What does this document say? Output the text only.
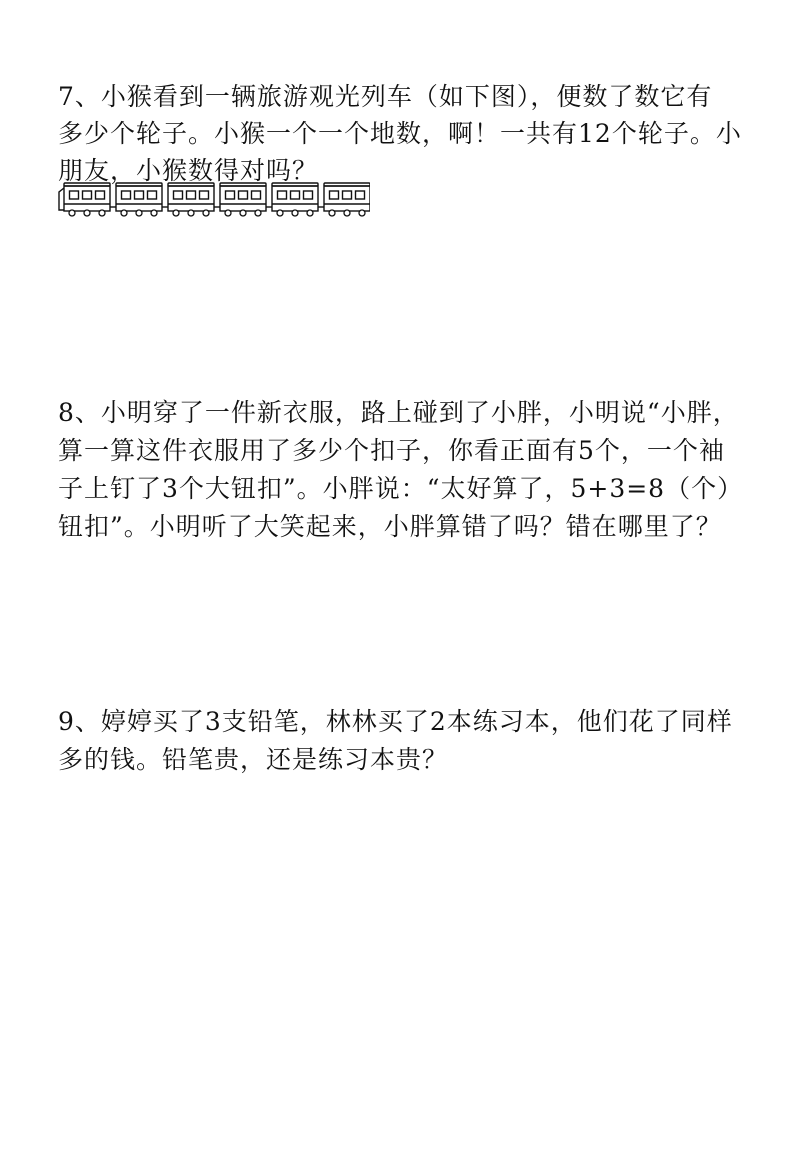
7、小猴看到一辆旅游观光列车（如下图），便数了数它有
多少个轮子。小猴一个一个地数，啊！一共有12个轮子。小
朋友，小猴数得对吗？
8、小明穿了一件新衣服，路上碰到了小胖，小明说“小胖，
算一算这件衣服用了多少个扣子，你看正面有5个，一个袖
子上钉了3个大钮扣”。小胖说：“太好算了，5+3=8（个）
钮扣”。小明听了大笑起来，小胖算错了吗？错在哪里了？
9、婷婷买了3支铅笔，林林买了2本练习本，他们花了同样
多的钱。铅笔贵，还是练习本贵？
